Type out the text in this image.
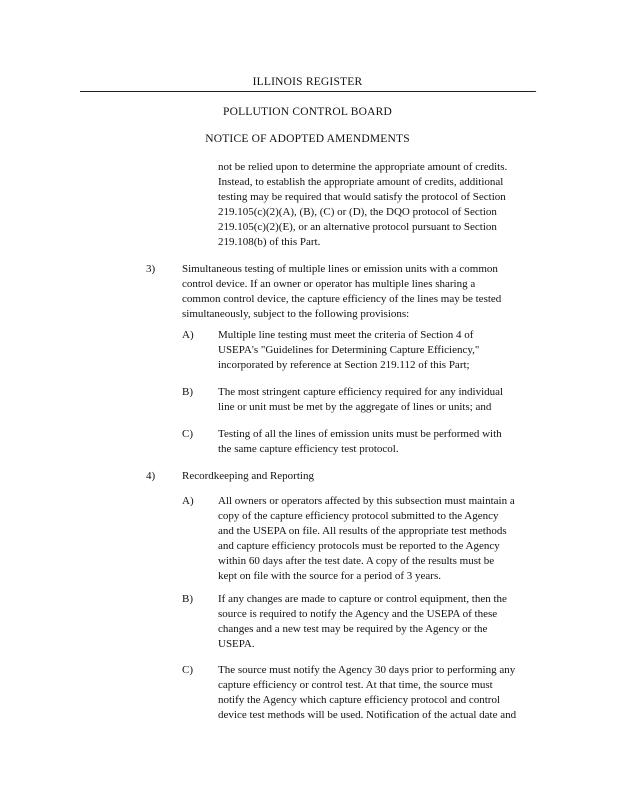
ILLINOIS REGISTER
...
POLLUTION CONTROL BOARD
NOTICE OF ADOPTED AMENDMENTS
not be relied upon to determine the appropriate amount of credits.
Instead, to establish the appropriate amount of credits, additional
testing may be required that would satisfy the protocol of Section
219.105(c)(2)(A), (B), (C) or (D), the DQO protocol of Section
219.105(c)(2)(E), or an alternative protocol pursuant to Section
219.108(b) of this Part.
3) Simultaneous testing of multiple lines or emission units with a common
control device. If an owner or operator has multiple lines sharing a
common control device, the capture efficiency of the lines may be tested
simultaneously, subject to the following provisions:
A) Multiple line testing must meet the criteria of Section 4 of
USEPA's "Guidelines for Determining Capture Efficiency,"
incorporated by reference at Section 219.112 of this Part;
B) The most stringent capture efficiency required for any individual
line or unit must be met by the aggregate of lines or units; and
C) Testing of all the lines of emission units must be performed with
the same capture efficiency test protocol.
4) Recordkeeping and Reporting
A) All owners or operators affected by this subsection must maintain a
copy of the capture efficiency protocol submitted to the Agency
and the USEPA on file. All results of the appropriate test methods
and capture efficiency protocols must be reported to the Agency
within 60 days after the test date. A copy of the results must be
kept on file with the source for a period of 3 years.
B) If any changes are made to capture or control equipment, then the
source is required to notify the Agency and the USEPA of these
changes and a new test may be required by the Agency or the
USEPA.
C) The source must notify the Agency 30 days prior to performing any
capture efficiency or control test. At that time, the source must
notify the Agency which capture efficiency protocol and control
device test methods will be used. Notification of the actual date and
